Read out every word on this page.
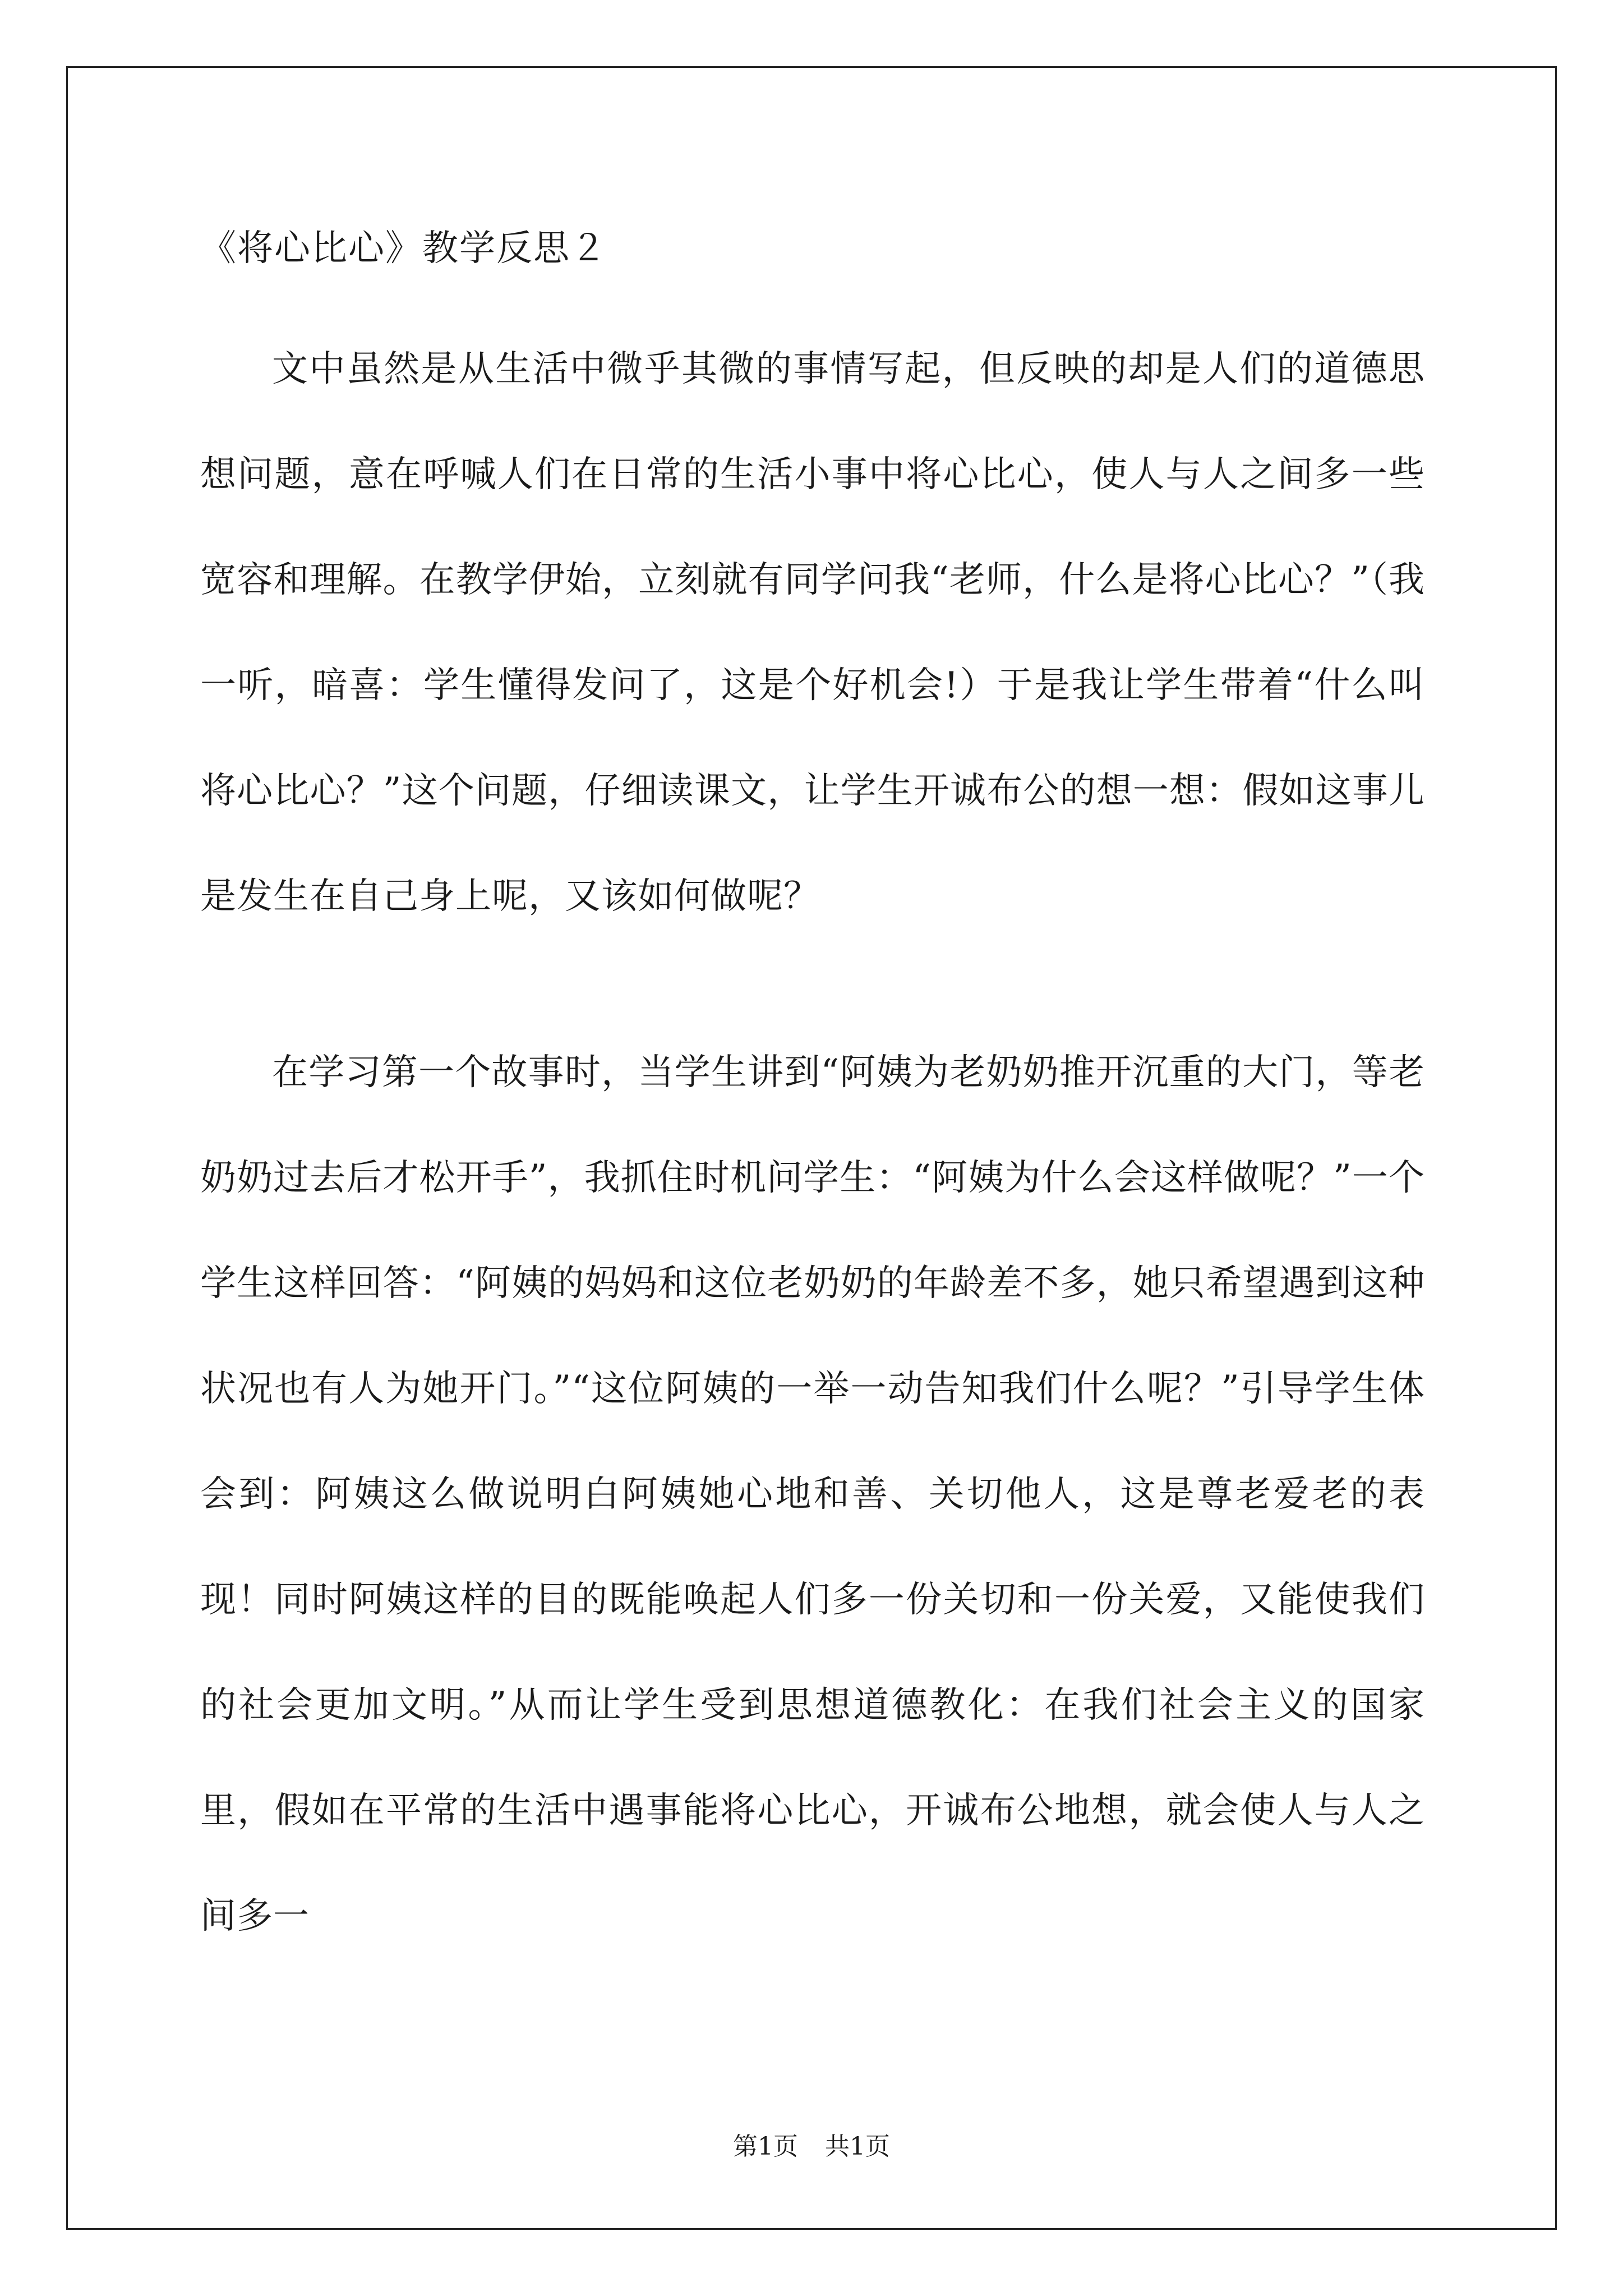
《将心比心》教学反思２

文中虽然是从生活中微乎其微的事情写起，但反映的却是人们的道德思想问题，意在呼喊人们在日常的生活小事中将心比心，使人与人之间多一些宽容和理解。在教学伊始，立刻就有同学问我“老师，什么是将心比心？”（我一听，暗喜：学生懂得发问了，这是个好机会!）于是我让学生带着“什么叫将心比心？”这个问题，仔细读课文，让学生开诚布公的想一想：假如这事儿是发生在自己身上呢，又该如何做呢？

在学习第一个故事时，当学生讲到“阿姨为老奶奶推开沉重的大门，等老奶奶过去后才松开手”，我抓住时机问学生：“阿姨为什么会这样做呢？”一个学生这样回答：“阿姨的妈妈和这位老奶奶的年龄差不多，她只希望遇到这种状况也有人为她开门。”“这位阿姨的一举一动告知我们什么呢？”引导学生体会到：阿姨这么做说明白阿姨她心地和善、关切他人，这是尊老爱老的表现！同时阿姨这样的目的既能唤起人们多一份关切和一份关爱，又能使我们的社会更加文明。”从而让学生受到思想道德教化：在我们社会主义的国家里，假如在平常的生活中遇事能将心比心，开诚布公地想，就会使人与人之间多一

第1页 共1页
